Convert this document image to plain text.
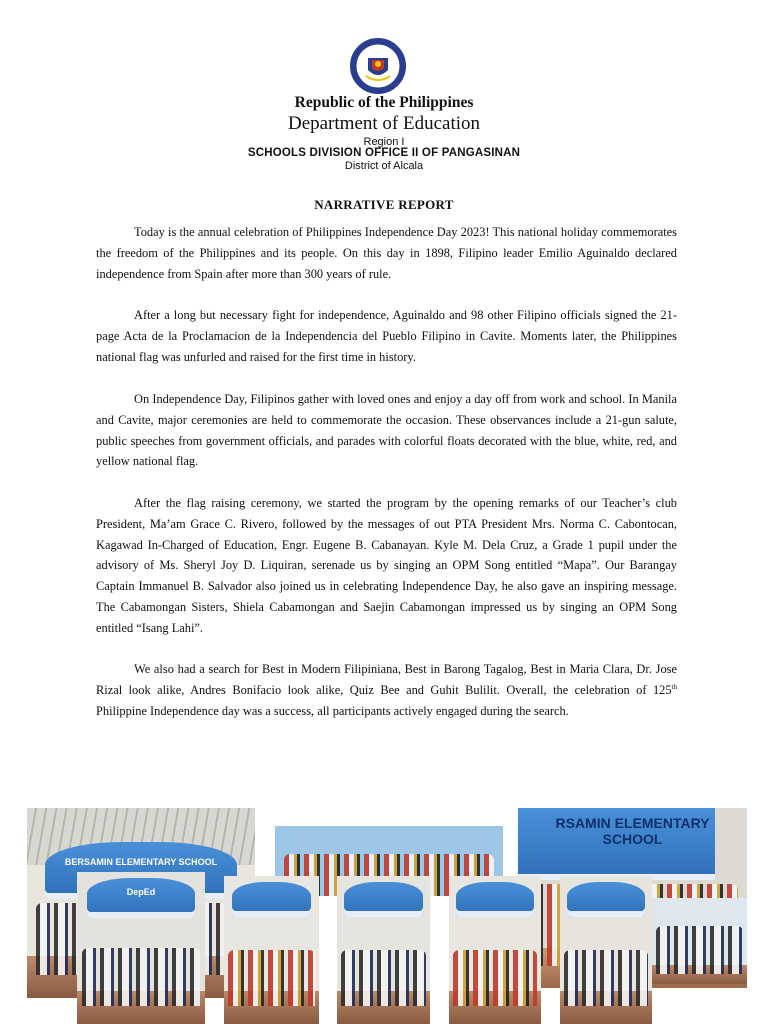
Republic of the Philippines
Department of Education
Region I
SCHOOLS DIVISION OFFICE II OF PANGASINAN
District of Alcala
NARRATIVE REPORT

Today is the annual celebration of Philippines Independence Day 2023! This national holiday commemorates the freedom of the Philippines and its people. On this day in 1898, Filipino leader Emilio Aguinaldo declared independence from Spain after more than 300 years of rule.

After a long but necessary fight for independence, Aguinaldo and 98 other Filipino officials signed the 21-page Acta de la Proclamacion de la Independencia del Pueblo Filipino in Cavite. Moments later, the Philippines national flag was unfurled and raised for the first time in history.

On Independence Day, Filipinos gather with loved ones and enjoy a day off from work and school. In Manila and Cavite, major ceremonies are held to commemorate the occasion. These observances include a 21-gun salute, public speeches from government officials, and parades with colorful floats decorated with the blue, white, red, and yellow national flag.

After the flag raising ceremony, we started the program by the opening remarks of our Teacher’s club President, Ma’am Grace C. Rivero, followed by the messages of out PTA President Mrs. Norma C. Cabontocan, Kagawad In-Charged of Education, Engr. Eugene B. Cabanayan. Kyle M. Dela Cruz, a Grade 1 pupil under the advisory of Ms. Sheryl Joy D. Liquiran, serenade us by singing an OPM Song entitled “Mapa”. Our Barangay Captain Immanuel B. Salvador also joined us in celebrating Independence Day, he also gave an inspiring message. The Cabamongan Sisters, Shiela Cabamongan and Saejin Cabamongan impressed us by singing an OPM Song entitled “Isang Lahi”.

We also had a search for Best in Modern Filipiniana, Best in Barong Tagalog, Best in Maria Clara, Dr. Jose Rizal look alike, Andres Bonifacio look alike, Quiz Bee and Guhit Bulilit. Overall, the celebration of 125th Philippine Independence day was a success, all participants actively engaged during the search.

BERSAMIN ELEMENTARY SCHOOL
RSAMIN ELEMENTARY SCHOOL
DepEd
